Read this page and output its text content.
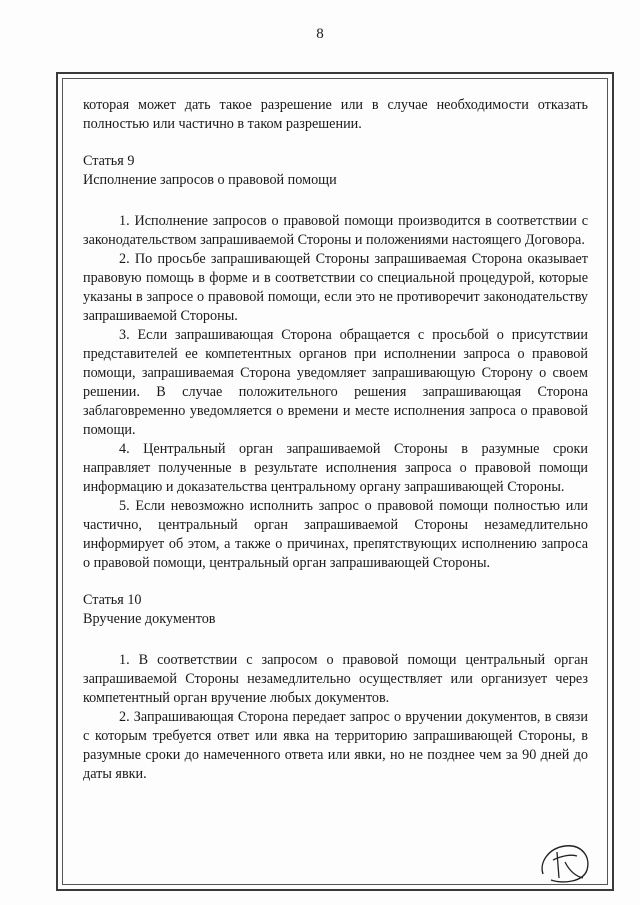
8

которая может дать такое разрешение или в случае необходимости отказать полностью или частично в таком разрешении.

Статья 9

Исполнение запросов о правовой помощи

1. Исполнение запросов о правовой помощи производится в соответствии с законодательством запрашиваемой Стороны и положениями настоящего Договора.

2. По просьбе запрашивающей Стороны запрашиваемая Сторона оказывает правовую помощь в форме и в соответствии со специальной процедурой, которые указаны в запросе о правовой помощи, если это не противоречит законодательству запрашиваемой Стороны.

3. Если запрашивающая Сторона обращается с просьбой о присутствии представителей ее компетентных органов при исполнении запроса о правовой помощи, запрашиваемая Сторона уведомляет запрашивающую Сторону о своем решении. В случае положительного решения запрашивающая Сторона заблаговременно уведомляется о времени и месте исполнения запроса о правовой помощи.

4. Центральный орган запрашиваемой Стороны в разумные сроки направляет полученные в результате исполнения запроса о правовой помощи информацию и доказательства центральному органу запрашивающей Стороны.

5. Если невозможно исполнить запрос о правовой помощи полностью или частично, центральный орган запрашиваемой Стороны незамедлительно информирует об этом, а также о причинах, препятствующих исполнению запроса о правовой помощи, центральный орган запрашивающей Стороны.

Статья 10

Вручение документов

1. В соответствии с запросом о правовой помощи центральный орган запрашиваемой Стороны незамедлительно осуществляет или организует через компетентный орган вручение любых документов.

2. Запрашивающая Сторона передает запрос о вручении документов, в связи с которым требуется ответ или явка на территорию запрашивающей Стороны, в разумные сроки до намеченного ответа или явки, но не позднее чем за 90 дней до даты явки.
